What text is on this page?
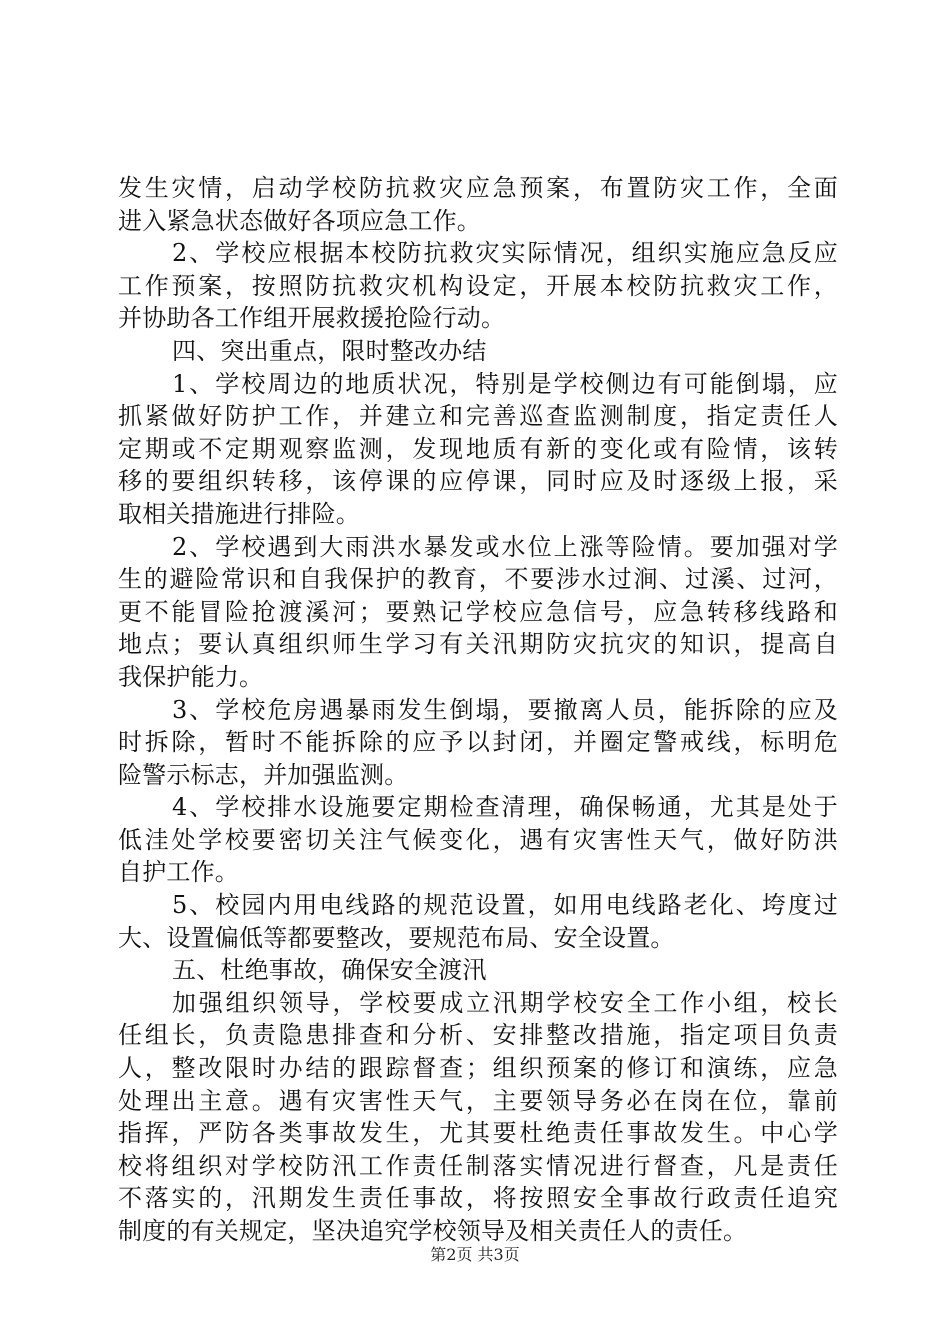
发生灾情，启动学校防抗救灾应急预案，布置防灾工作，全面
进入紧急状态做好各项应急工作。
2、学校应根据本校防抗救灾实际情况，组织实施应急反应
工作预案，按照防抗救灾机构设定，开展本校防抗救灾工作，
并协助各工作组开展救援抢险行动。
四、突出重点，限时整改办结
1、学校周边的地质状况，特别是学校侧边有可能倒塌，应
抓紧做好防护工作，并建立和完善巡查监测制度，指定责任人
定期或不定期观察监测，发现地质有新的变化或有险情，该转
移的要组织转移，该停课的应停课，同时应及时逐级上报，采
取相关措施进行排险。
2、学校遇到大雨洪水暴发或水位上涨等险情。要加强对学
生的避险常识和自我保护的教育，不要涉水过涧、过溪、过河，
更不能冒险抢渡溪河；要熟记学校应急信号，应急转移线路和
地点；要认真组织师生学习有关汛期防灾抗灾的知识，提高自
我保护能力。
3、学校危房遇暴雨发生倒塌，要撤离人员，能拆除的应及
时拆除，暂时不能拆除的应予以封闭，并圈定警戒线，标明危
险警示标志，并加强监测。
4、学校排水设施要定期检查清理，确保畅通，尤其是处于
低洼处学校要密切关注气候变化，遇有灾害性天气，做好防洪
自护工作。
5、校园内用电线路的规范设置，如用电线路老化、垮度过
大、设置偏低等都要整改，要规范布局、安全设置。
五、杜绝事故，确保安全渡汛
加强组织领导，学校要成立汛期学校安全工作小组，校长
任组长，负责隐患排查和分析、安排整改措施，指定项目负责
人，整改限时办结的跟踪督查；组织预案的修订和演练，应急
处理出主意。遇有灾害性天气，主要领导务必在岗在位，靠前
指挥，严防各类事故发生，尤其要杜绝责任事故发生。中心学
校将组织对学校防汛工作责任制落实情况进行督查，凡是责任
不落实的，汛期发生责任事故，将按照安全事故行政责任追究
制度的有关规定，坚决追究学校领导及相关责任人的责任。
第2页 共3页
